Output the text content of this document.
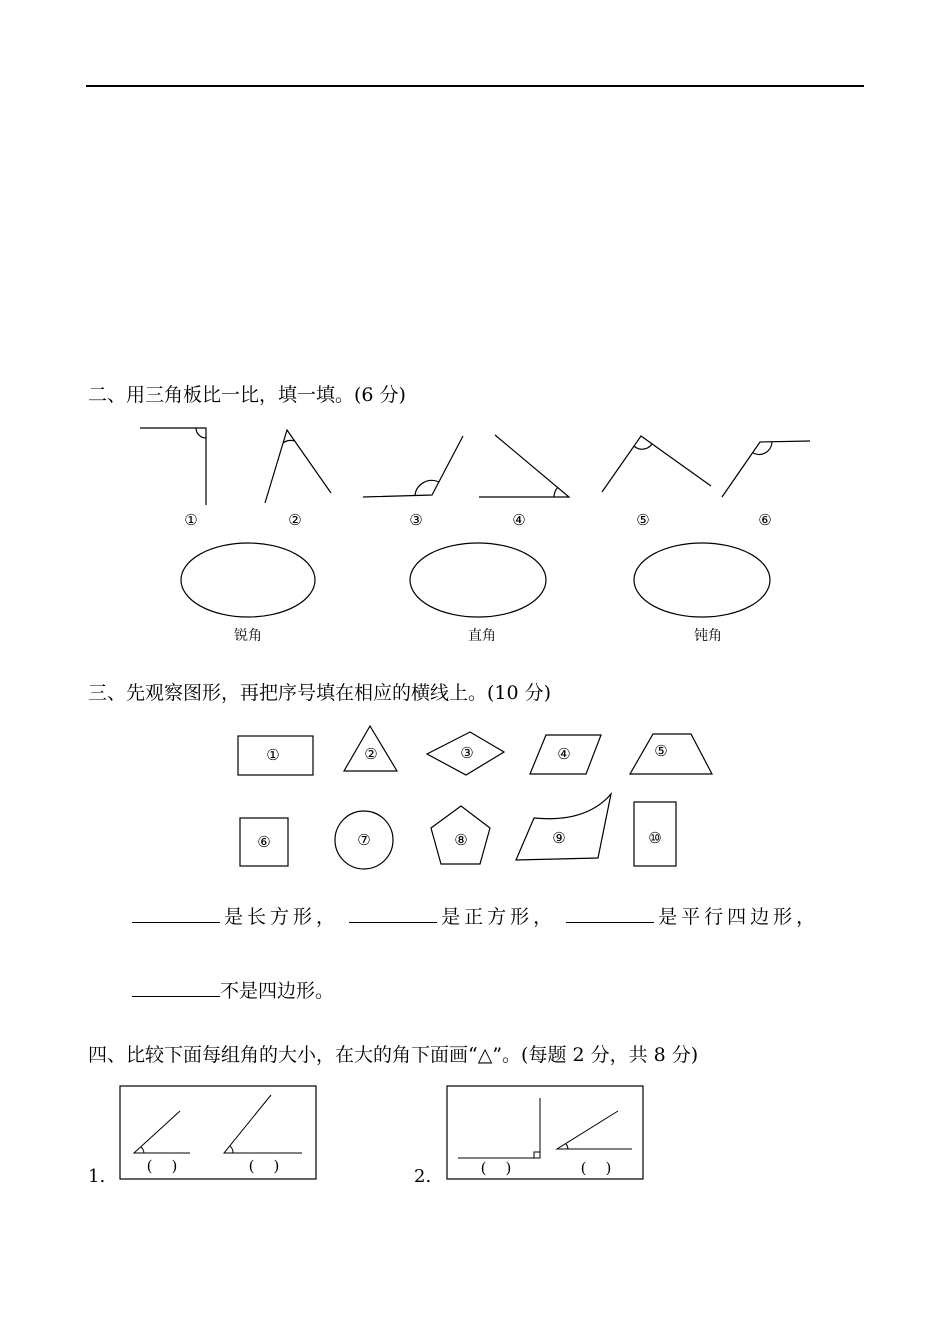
二、用三角板比一比，填一填。(6 分)
①	②	③	④	⑤	⑥
锐角	直角	钝角
三、先观察图形，再把序号填在相应的横线上。(10 分)
①	②	③	④	⑤
⑥	⑦	⑧	⑨	⑩
是长方形，	是正方形，	是平行四边形，
不是四边形。
四、比较下面每组角的大小，在大的角下面画“△”。(每题 2 分，共 8 分)
(    )	(    )	(    )	(    )
1.	2.
